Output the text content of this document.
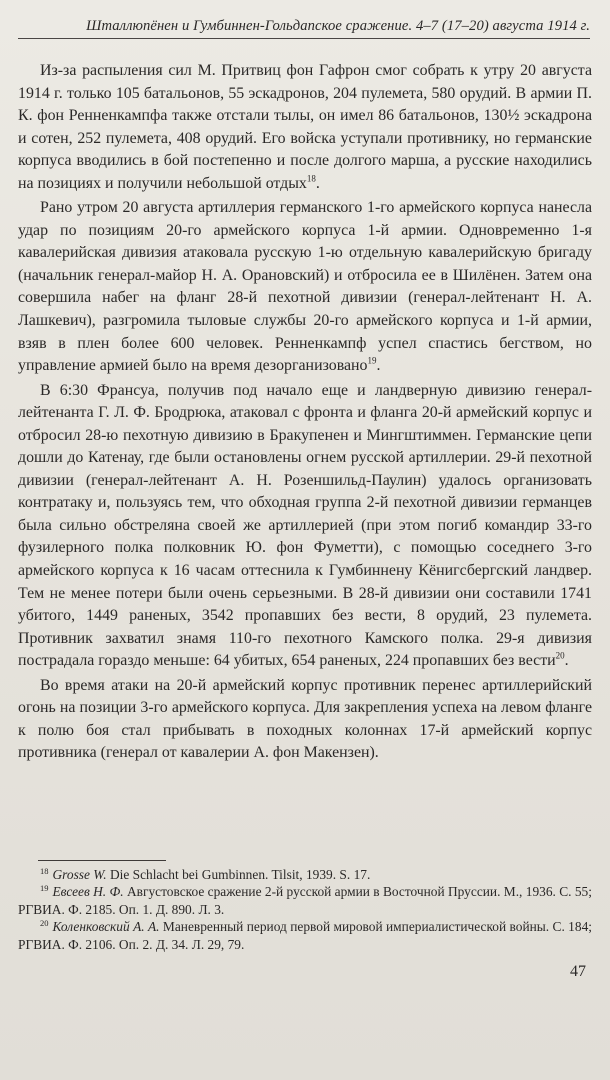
Шталлюпёнен и Гумбиннен-Гольдапское сражение. 4–7 (17–20) августа 1914 г.

Из-за распыления сил М. Притвиц фон Гафрон смог собрать к утру 20 августа 1914 г. только 105 батальонов, 55 эскадронов, 204 пулемета, 580 орудий. В армии П. К. фон Ренненкампфа также отстали тылы, он имел 86 батальонов, 130½ эскадрона и сотен, 252 пулемета, 408 орудий. Его войска уступали противнику, но германские корпуса вводились в бой постепенно и после долгого марша, а русские находились на позициях и получили небольшой отдых$^{18}$.

Рано утром 20 августа артиллерия германского 1-го армейского корпуса нанесла удар по позициям 20-го армейского корпуса 1-й армии. Одновременно 1-я кавалерийская дивизия атаковала русскую 1-ю отдельную кавалерийскую бригаду (начальник генерал-майор Н. А. Орановский) и отбросила ее в Шилёнен. Затем она совершила набег на фланг 28-й пехотной дивизии (генерал-лейтенант Н. А. Лашкевич), разгромила тыловые службы 20-го армейского корпуса и 1-й армии, взяв в плен более 600 человек. Ренненкампф успел спастись бегством, но управление армией было на время дезорганизовано$^{19}$.

В 6:30 Франсуа, получив под начало еще и ландверную дивизию генерал-лейтенанта Г. Л. Ф. Бродрюка, атаковал с фронта и фланга 20-й армейский корпус и отбросил 28-ю пехотную дивизию в Бракупенен и Мингштиммен. Германские цепи дошли до Катенау, где были остановлены огнем русской артиллерии. 29-й пехотной дивизии (генерал-лейтенант А. Н. Розеншильд-Паулин) удалось организовать контратаку и, пользуясь тем, что обходная группа 2-й пехотной дивизии германцев была сильно обстреляна своей же артиллерией (при этом погиб командир 33-го фузилерного полка полковник Ю. фон Фуметти), с помощью соседнего 3-го армейского корпуса к 16 часам оттеснила к Гумбиннену Кёнигсбергский ландвер. Тем не менее потери были очень серьезными. В 28-й дивизии они составили 1741 убитого, 1449 раненых, 3542 пропавших без вести, 8 орудий, 23 пулемета. Противник захватил знамя 110-го пехотного Камского полка. 29-я дивизия пострадала гораздо меньше: 64 убитых, 654 раненых, 224 пропавших без вести$^{20}$.

Во время атаки на 20-й армейский корпус противник перенес артиллерийский огонь на позиции 3-го армейского корпуса. Для закрепления успеха на левом фланге к полю боя стал прибывать в походных колоннах 17-й армейский корпус противника (генерал от кавалерии А. фон Макензен).

$^{18}$ Grosse W. Die Schlacht bei Gumbinnen. Tilsit, 1939. S. 17.

$^{19}$ Евсеев Н. Ф. Августовское сражение 2-й русской армии в Восточной Пруссии. М., 1936. С. 55; РГВИА. Ф. 2185. Оп. 1. Д. 890. Л. 3.

$^{20}$ Коленковский А. А. Маневренный период первой мировой империалистической войны. С. 184; РГВИА. Ф. 2106. Оп. 2. Д. 34. Л. 29, 79.

47
